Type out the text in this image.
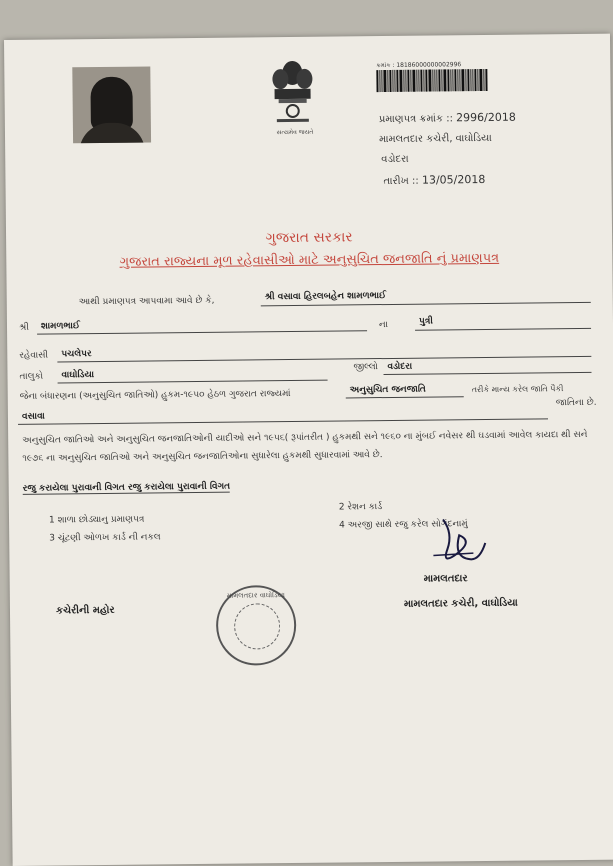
સત્યમેવ જયતે
ક્રમાંક : 18186000000002996
પ્રમાણપત્ર ક્રમાંક :: 2996/2018
મામલતદાર કચેરી, વાઘોડિયા
વડોદરા
તારીખ :: 13/05/2018
ગુજરાત સરકાર
ગુજરાત રાજ્યના મૂળ રહેવાસીઓ માટે અનુસુચિત જનજાતિ નું પ્રમાણપત્ર
આથી પ્રમાણપત્ર આપવામા આવે છે કે,	શ્રી વસાવા હિરલબહેન શામળભાઈ
શ્રી શામળભાઈ	ના	પુત્રી
રહેવાસી પચલેપર
તાલુકો વાઘોડિયા
જીલ્લો વડોદરા
જેના બંધારણના (અનુસુચિત જાતિઓ) હુકમ-૧૯૫૦ હેઠળ ગુજરાત રાજ્યમાં	અનુસુચિત જનજાતિ	તરીકે માન્ય કરેલ જાતિ પૈકી
વસાવા
જાતિના છે.
અનુસુચિત જાતિઓ અને અનુસુચિત જનજાતિઓની યાદીઓ સને ૧૯૫૬( રૂપાંતરીત ) હુકમથી સને ૧૯૬૦ ના મુંબઈ નવેસર થી ઘડવામાં આવેલ કાયદા થી સને ૧૯૭૬ ના અનુસુચિત જાતિઓ અને અનુસુચિત જનજાતિઓના સુધારેલા હુકમથી સુધારવામાં આવે છે.
રજુ કરાયેલા પુરાવાની વિગત રજુ કરાયેલા પુરાવાની વિગત
1 શાળા છોડ્યાનુ પ્રમાણપત્ર
2 રેશન કાર્ડ
3 ચૂંટણી ઓળખ કાર્ડ ની નકલ
4 અરજી સાથે રજુ કરેલ સોગંદનામું
મામલતદાર
મામલતદાર કચેરી, વાઘોડિયા
કચેરીની મહોર
મામલતદાર વાઘોડિયા
